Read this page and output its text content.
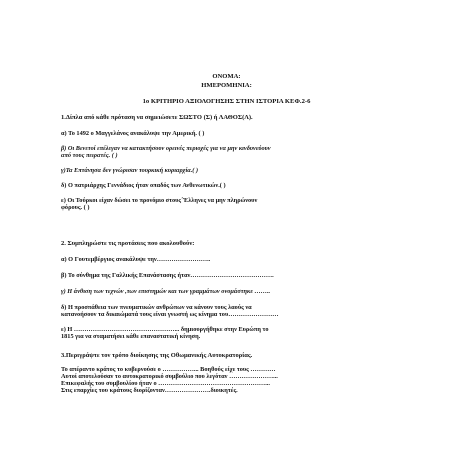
ΟΝΟΜΑ:
ΗΜΕΡΟΜΗΝΙΑ:
1ο ΚΡΙΤΗΡΙΟ ΑΞΙΟΛΟΓΗΣΗΣ ΣΤΗΝ ΙΣΤΟΡΙΑ ΚΕΦ.2-6
1.Δίπλα από κάθε πρόταση να σημειώσετε ΣΩΣΤΟ (Σ) ή ΛΑΘΟΣ(Λ).
α) Το 1492 ο Μαγγελάνος ανακάλυψε την Αμερική. ( )
β) Οι Βενετοί επέλεγαν να κατακτήσουν ορεινές περιοχές για να μην κινδυνεύουν
από τους πειρατές. ( )
γ)Τα Επτάνησα δεν γνώρισαν τουρκική κυριαρχία.( )
δ) Ο πατριάρχης Γεννάδιος ήταν οπαδός των Ανθενωτικών.( )
ε) Οι Τούρκοι είχαν δώσει το προνόμιο στους΄Έλληνες να μην πληρώνουν
φόρους. ( )
2. Συμπληρώστε τις προτάσεις που ακολουθούν:
α) Ο Γουτεμβέργιος ανακάλυψε την……………………..
β) Το σύνθημα της Γαλλικής Επανάστασης ήταν………………………………….
γ) Η άνθιση των τεχνών ,των επιστημών και των γραμμάτων ονομάστηκε ……..
δ) Η προσπάθεια των πνευματικών ανθρώπων να κάνουν τους λαούς να
κατανοήσουν τα δικαιώματά τους είναι γνωστή ως κίνημα του……………………
ε) Η …………………………………………... δημιουργήθηκε στην Ευρώπη το
1815 για να σταματήσει κάθε επαναστατική κίνηση.
3.Περιγράψτε τον τρόπο διοίκησης της Οθωμανικής Αυτοκρατορίας.
Το απέραντο κράτος το κυβερνούσε ο ……………... Βοηθούς είχε τους …………
Αυτοί αποτελούσαν το αυτοκρατορικό συμβούλιο που λεγόταν …………………...
Επικεφαλής του συμβουλίου ήταν ο ……………………………………………...
Στις επαρχίες του κράτους διορίζονταν………………….διοικητές.
